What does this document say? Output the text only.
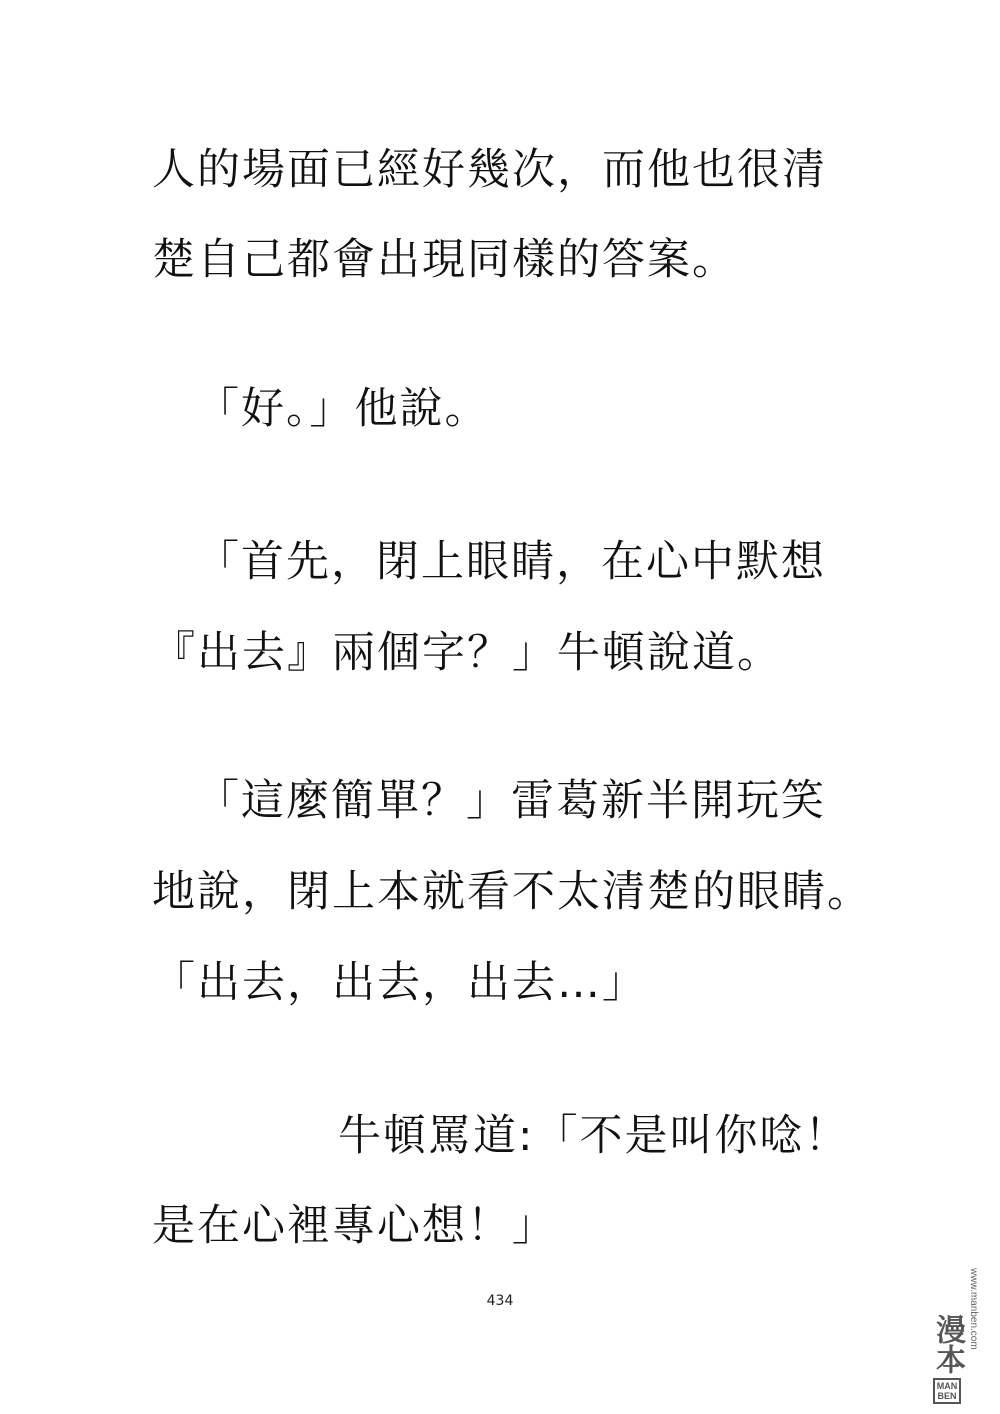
人的場面已經好幾次，而他也很清
楚自己都會出現同樣的答案。
「好。」他說。
「首先，閉上眼睛，在心中默想
『出去』兩個字？」牛頓說道。
「這麼簡單？」雷葛新半開玩笑
地說，閉上本就看不太清楚的眼睛。
「出去，出去，出去…」
牛頓罵道:「不是叫你唸！
是在心裡專心想！」
434
漫本
MAN
BEN
www.manben.com
